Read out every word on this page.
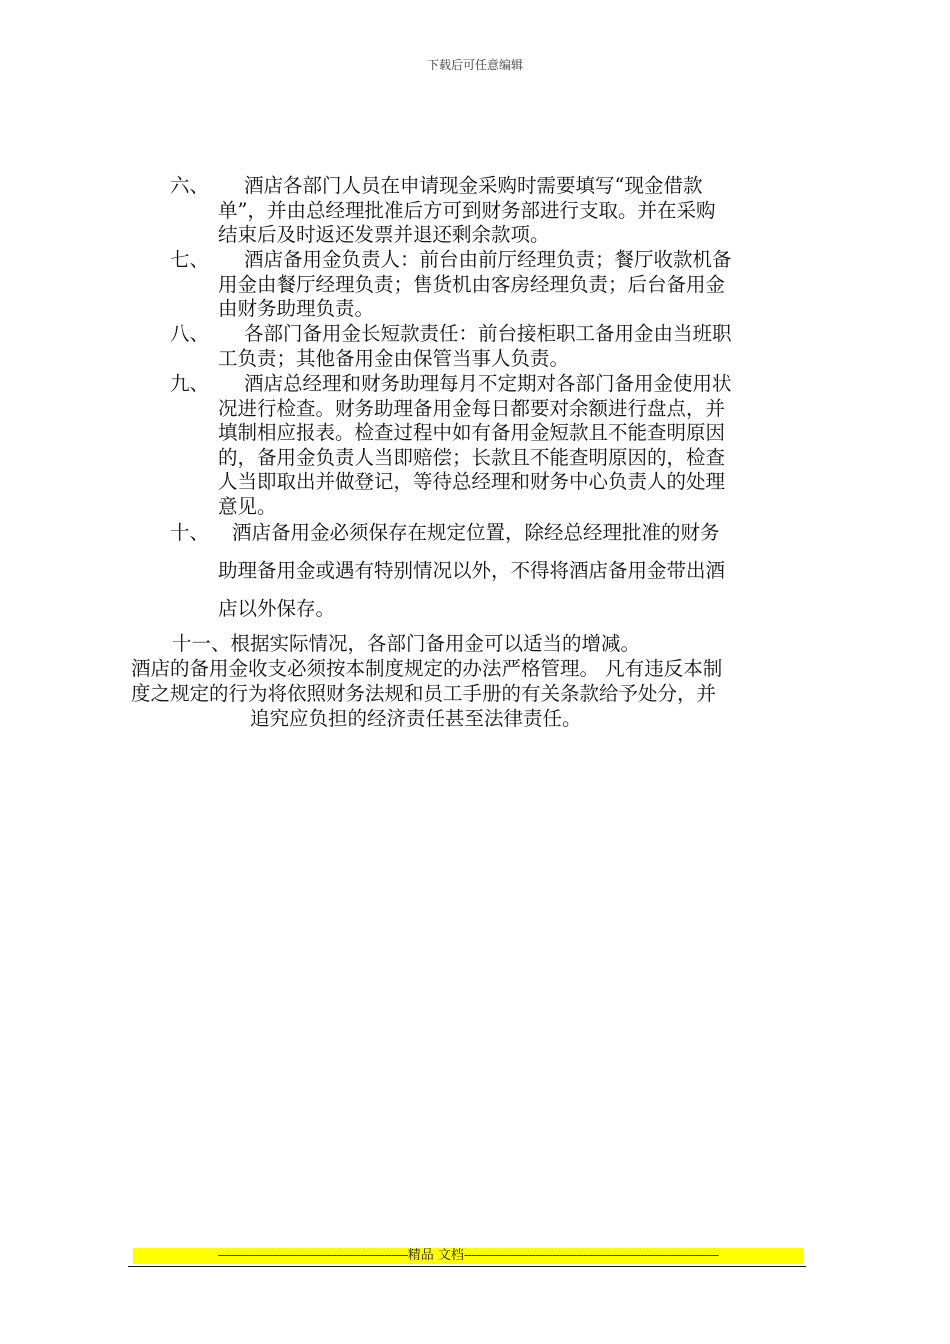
下载后可任意编辑
六、	酒店各部门人员在申请现金采购时需要填写“现金借款
单”，并由总经理批准后方可到财务部进行支取。并在采购
结束后及时返还发票并退还剩余款项。
七、	酒店备用金负责人：前台由前厅经理负责；餐厅收款机备
用金由餐厅经理负责；售货机由客房经理负责；后台备用金
由财务助理负责。
八、	各部门备用金长短款责任：前台接柜职工备用金由当班职
工负责；其他备用金由保管当事人负责。
九、	酒店总经理和财务助理每月不定期对各部门备用金使用状
况进行检查。财务助理备用金每日都要对余额进行盘点，并
填制相应报表。检查过程中如有备用金短款且不能查明原因
的，备用金负责人当即赔偿；长款且不能查明原因的，检查
人当即取出并做登记，等待总经理和财务中心负责人的处理
意见。
十、	酒店备用金必须保存在规定位置，除经总经理批准的财务
助理备用金或遇有特别情况以外，不得将酒店备用金带出酒
店以外保存。
十一、根据实际情况，各部门备用金可以适当的增减。
酒店的备用金收支必须按本制度规定的办法严格管理。 凡有违反本制
度之规定的行为将依照财务法规和员工手册的有关条款给予处分，并
追究应负担的经济责任甚至法律责任。
--------------------------------------------------------精品 文档---------------------------------------------------------------------------
